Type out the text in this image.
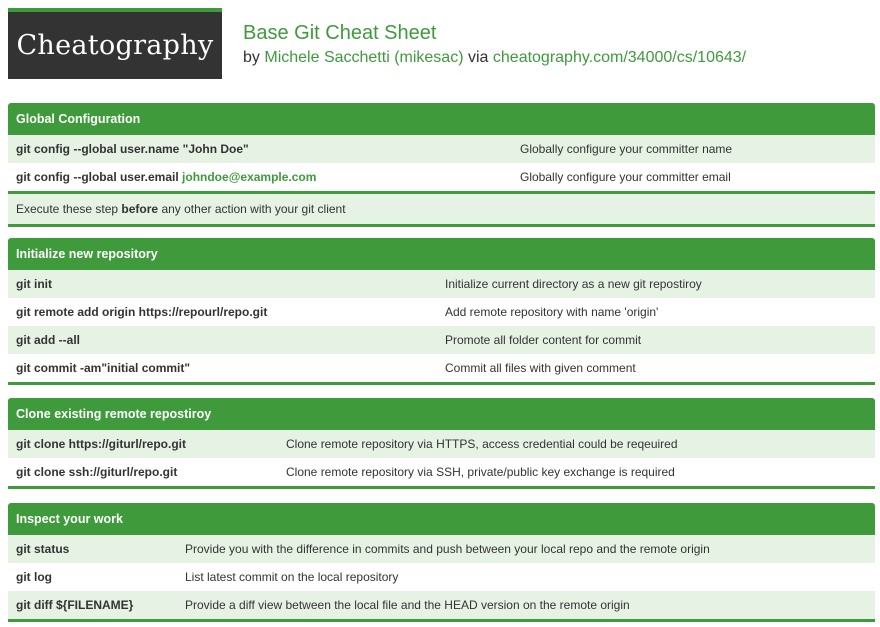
Cheatography Base Git Cheat Sheet
by Michele Sacchetti (mikesac) via cheatography.com/34000/cs/10643/
Global Configuration
git config --global user.name "John Doe"	Globally configure your committer name
git config --global user.email johndoe@example.com	Globally configure your committer email
Execute these step before any other action with your git client
Initialize new repository
git init	Initialize current directory as a new git repostiroy
git remote add origin https://repourl/repo.git	Add remote repository with name 'origin'
git add --all	Promote all folder content for commit
git commit -am"initial commit"	Commit all files with given comment
Clone existing remote repostiroy
git clone https://giturl/repo.git	Clone remote repository via HTTPS, access credential could be reqeuired
git clone ssh://giturl/repo.git	Clone remote repository via SSH, private/public key exchange is required
Inspect your work
git status	Provide you with the difference in commits and push between your local repo and the remote origin
git log	List latest commit on the local repository
git diff ${FILENAME}	Provide a diff view between the local file and the HEAD version on the remote origin
